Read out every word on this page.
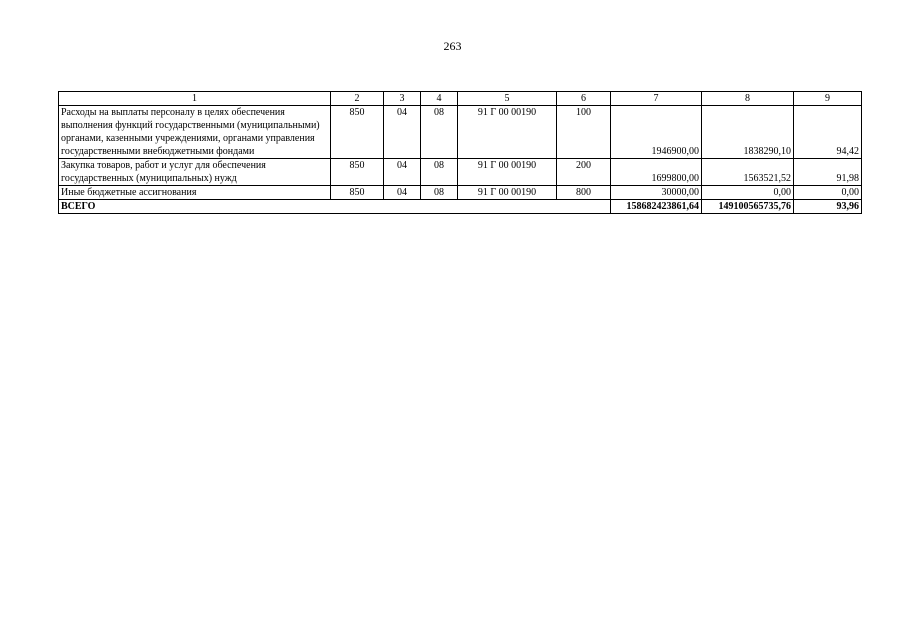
263
1	2	3	4	5	6	7	8	9
Расходы на выплаты персоналу в целях обеспечения выполнения функций государственными (муниципальными) органами, казенными учреждениями, органами управления государственными внебюджетными фондами	850	04	08	91 Г 00 00190	100	1946900,00	1838290,10	94,42
Закупка товаров, работ и услуг для обеспечения государственных (муниципальных) нужд	850	04	08	91 Г 00 00190	200	1699800,00	1563521,52	91,98
Иные бюджетные ассигнования	850	04	08	91 Г 00 00190	800	30000,00	0,00	0,00
ВСЕГО						158682423861,64	149100565735,76	93,96
